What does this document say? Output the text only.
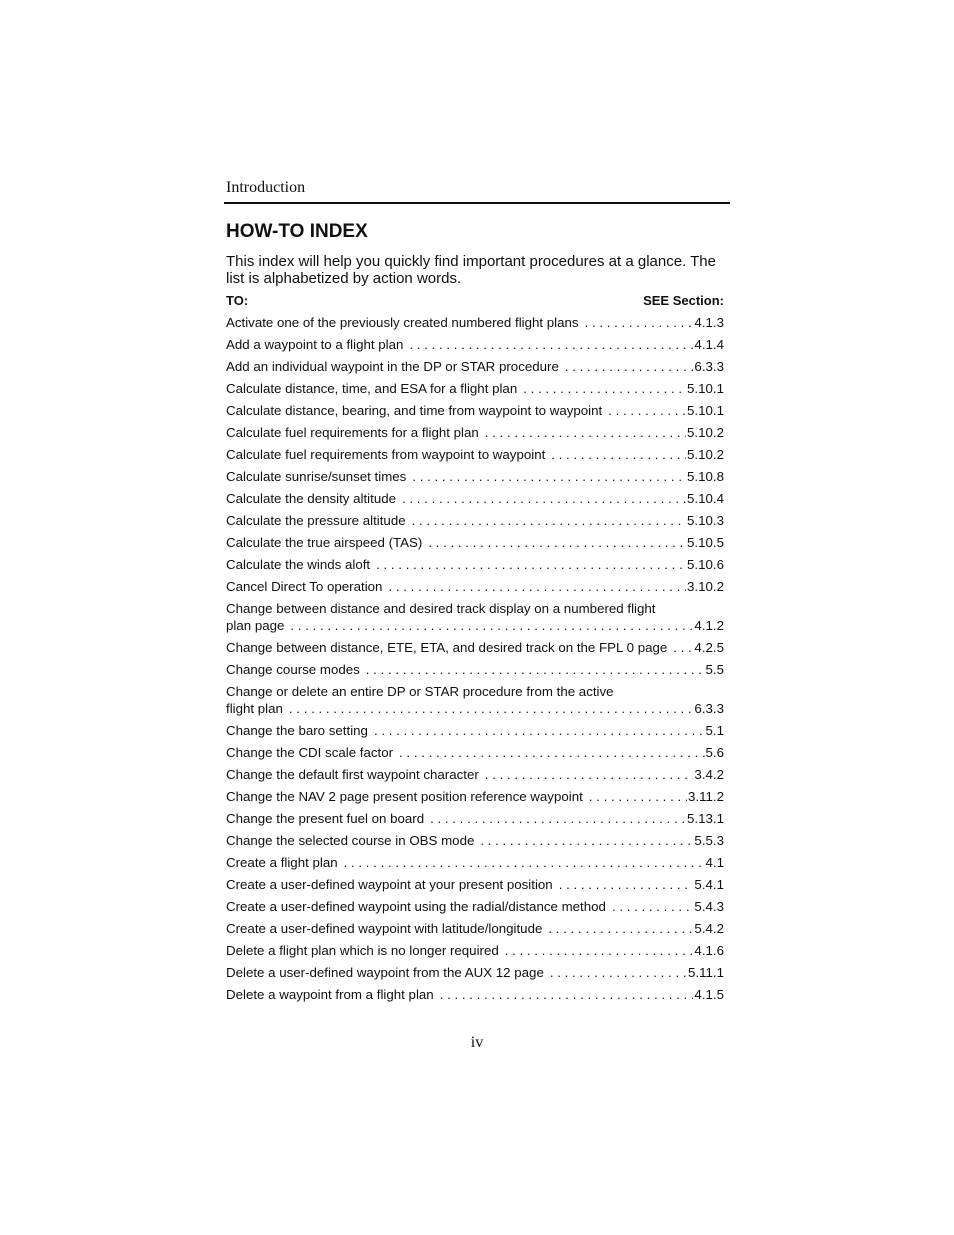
Introduction
HOW-TO INDEX
This index will help you quickly find important procedures at a glance. The list is alphabetized by action words.
TO:	SEE Section:
Activate one of the previously created numbered flight plans . . .	4.1.3
Add a waypoint to a flight plan . . .	4.1.4
Add an individual waypoint in the DP or STAR procedure . . .	6.3.3
Calculate distance, time, and ESA for a flight plan . . .	5.10.1
Calculate distance, bearing, and time from waypoint to waypoint . . .	5.10.1
Calculate fuel requirements for a flight plan . . .	5.10.2
Calculate fuel requirements from waypoint to waypoint . . .	5.10.2
Calculate sunrise/sunset times . . .	5.10.8
Calculate the density altitude . . .	5.10.4
Calculate the pressure altitude . . .	5.10.3
Calculate the true airspeed (TAS) . . .	5.10.5
Calculate the winds aloft . . .	5.10.6
Cancel Direct To operation . . .	3.10.2
Change between distance and desired track display on a numbered flight
plan page . . .	4.1.2
Change between distance, ETE, ETA, and desired track on the FPL 0 page . . . 4.2.5
Change course modes . . .	5.5
Change or delete an entire DP or STAR procedure from the active
flight plan . . .	6.3.3
Change the baro setting . . .	5.1
Change the CDI scale factor . . .	5.6
Change the default first waypoint character . . .	3.4.2
Change the NAV 2 page present position reference waypoint . . .	3.11.2
Change the present fuel on board . . .	5.13.1
Change the selected course in OBS mode . . .	5.5.3
Create a flight plan . . .	4.1
Create a user-defined waypoint at your present position . . .	5.4.1
Create a user-defined waypoint using the radial/distance method . . .	5.4.3
Create a user-defined waypoint with latitude/longitude . . .	5.4.2
Delete a flight plan which is no longer required . . .	4.1.6
Delete a user-defined waypoint from the AUX 12 page . . .	5.11.1
Delete a waypoint from a flight plan . . .	4.1.5
iv
